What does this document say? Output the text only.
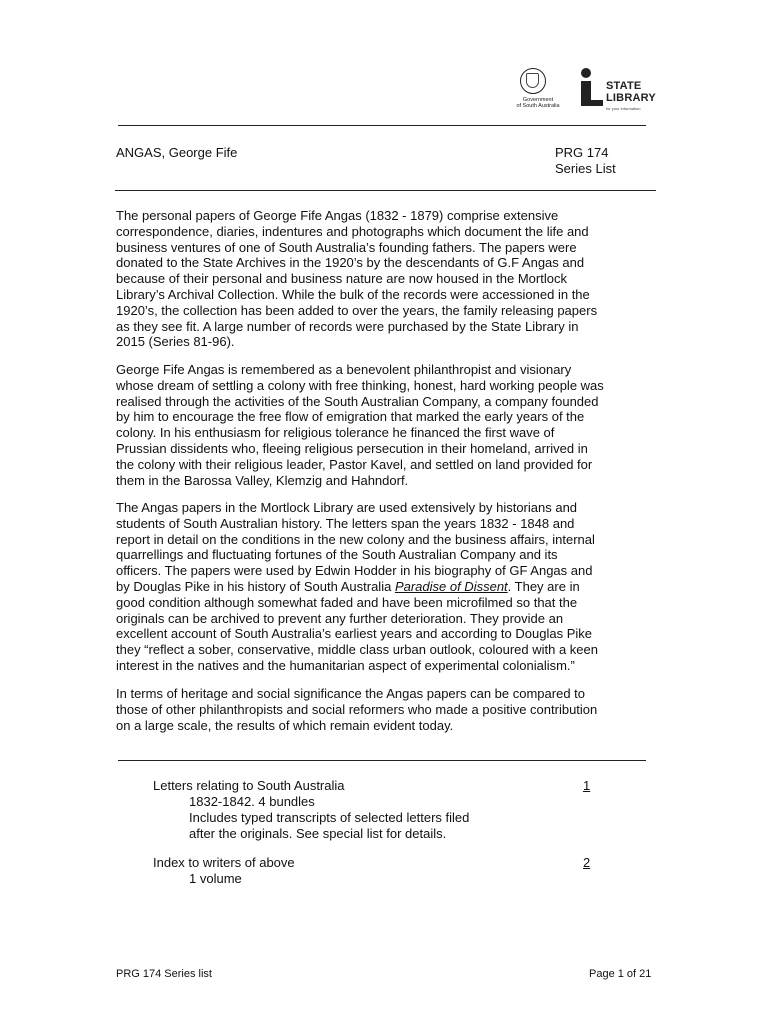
Government
of South Australia
STATE
LIBRARY
for your information
ANGAS, George Fife	PRG 174
Series List
The personal papers of George Fife Angas (1832 - 1879) comprise extensive
correspondence, diaries, indentures and photographs which document the life and
business ventures of one of South Australia’s founding fathers. The papers were
donated to the State Archives in the 1920’s by the descendants of G.F Angas and
because of their personal and business nature are now housed in the Mortlock
Library’s Archival Collection. While the bulk of the records were accessioned in the
1920’s, the collection has been added to over the years, the family releasing papers
as they see fit. A large number of records were purchased by the State Library in
2015 (Series 81-96).
George Fife Angas is remembered as a benevolent philanthropist and visionary
whose dream of settling a colony with free thinking, honest, hard working people was
realised through the activities of the South Australian Company, a company founded
by him to encourage the free flow of emigration that marked the early years of the
colony. In his enthusiasm for religious tolerance he financed the first wave of
Prussian dissidents who, fleeing religious persecution in their homeland, arrived in
the colony with their religious leader, Pastor Kavel, and settled on land provided for
them in the Barossa Valley, Klemzig and Hahndorf.
The Angas papers in the Mortlock Library are used extensively by historians and
students of South Australian history. The letters span the years 1832 - 1848 and
report in detail on the conditions in the new colony and the business affairs, internal
quarrellings and fluctuating fortunes of the South Australian Company and its
officers. The papers were used by Edwin Hodder in his biography of GF Angas and
by Douglas Pike in his history of South Australia Paradise of Dissent. They are in
good condition although somewhat faded and have been microfilmed so that the
originals can be archived to prevent any further deterioration. They provide an
excellent account of South Australia’s earliest years and according to Douglas Pike
they “reflect a sober, conservative, middle class urban outlook, coloured with a keen
interest in the natives and the humanitarian aspect of experimental colonialism.”
In terms of heritage and social significance the Angas papers can be compared to
those of other philanthropists and social reformers who made a positive contribution
on a large scale, the results of which remain evident today.
Letters relating to South Australia	1
1832-1842. 4 bundles
Includes typed transcripts of selected letters filed
after the originals. See special list for details.
Index to writers of above	2
1 volume
PRG 174 Series list	Page 1 of 21
